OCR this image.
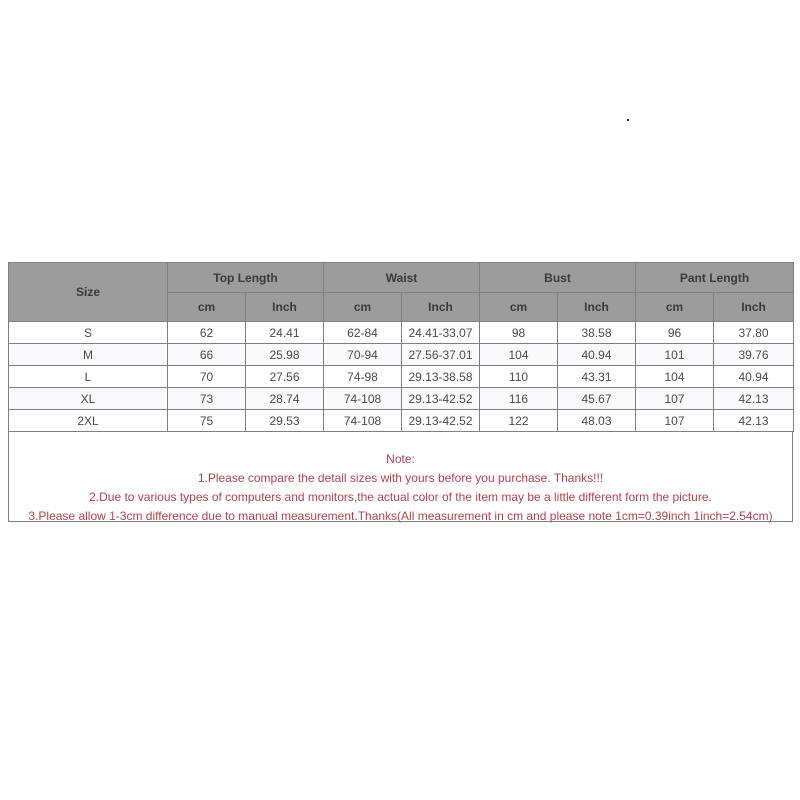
Size	Top Length		Waist		Bust		Pant Length	
	cm	Inch	cm	Inch	cm	Inch	cm	Inch
S	62	24.41	62-84	24.41-33.07	98	38.58	96	37.80
M	66	25.98	70-94	27.56-37.01	104	40.94	101	39.76
L	70	27.56	74-98	29.13-38.58	110	43.31	104	40.94
XL	73	28.74	74-108	29.13-42.52	116	45.67	107	42.13
2XL	75	29.53	74-108	29.13-42.52	122	48.03	107	42.13
Note:
1.Please compare the detail sizes with yours before you purchase. Thanks!!!
2.Due to various types of computers and monitors,the actual color of the item may be a little different form the picture.
3.Please allow 1-3cm difference due to manual measurement.Thanks(All measurement in cm and please note 1cm=0.39inch 1inch=2.54cm)
